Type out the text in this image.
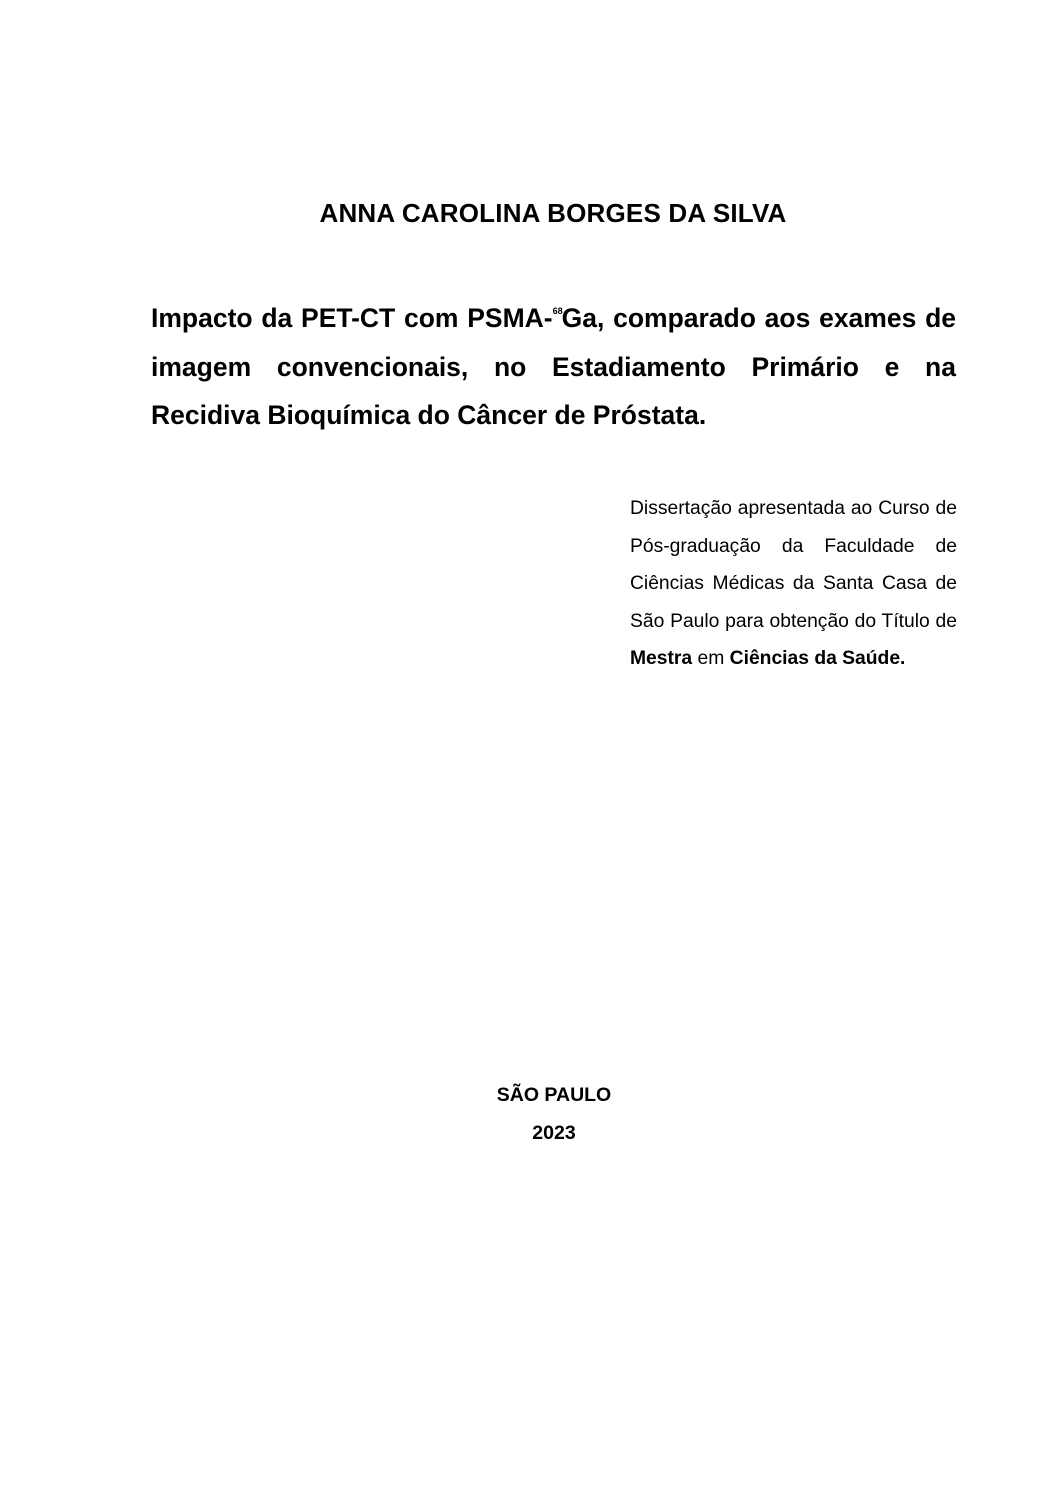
ANNA CAROLINA BORGES DA SILVA
Impacto da PET-CT com PSMA-$^{68}$Ga, comparado aos exames de imagem convencionais, no Estadiamento Primário e na Recidiva Bioquímica do Câncer de Próstata.
Dissertação apresentada ao Curso de Pós-graduação da Faculdade de Ciências Médicas da Santa Casa de São Paulo para obtenção do Título de Mestra em Ciências da Saúde.
SÃO PAULO
2023
